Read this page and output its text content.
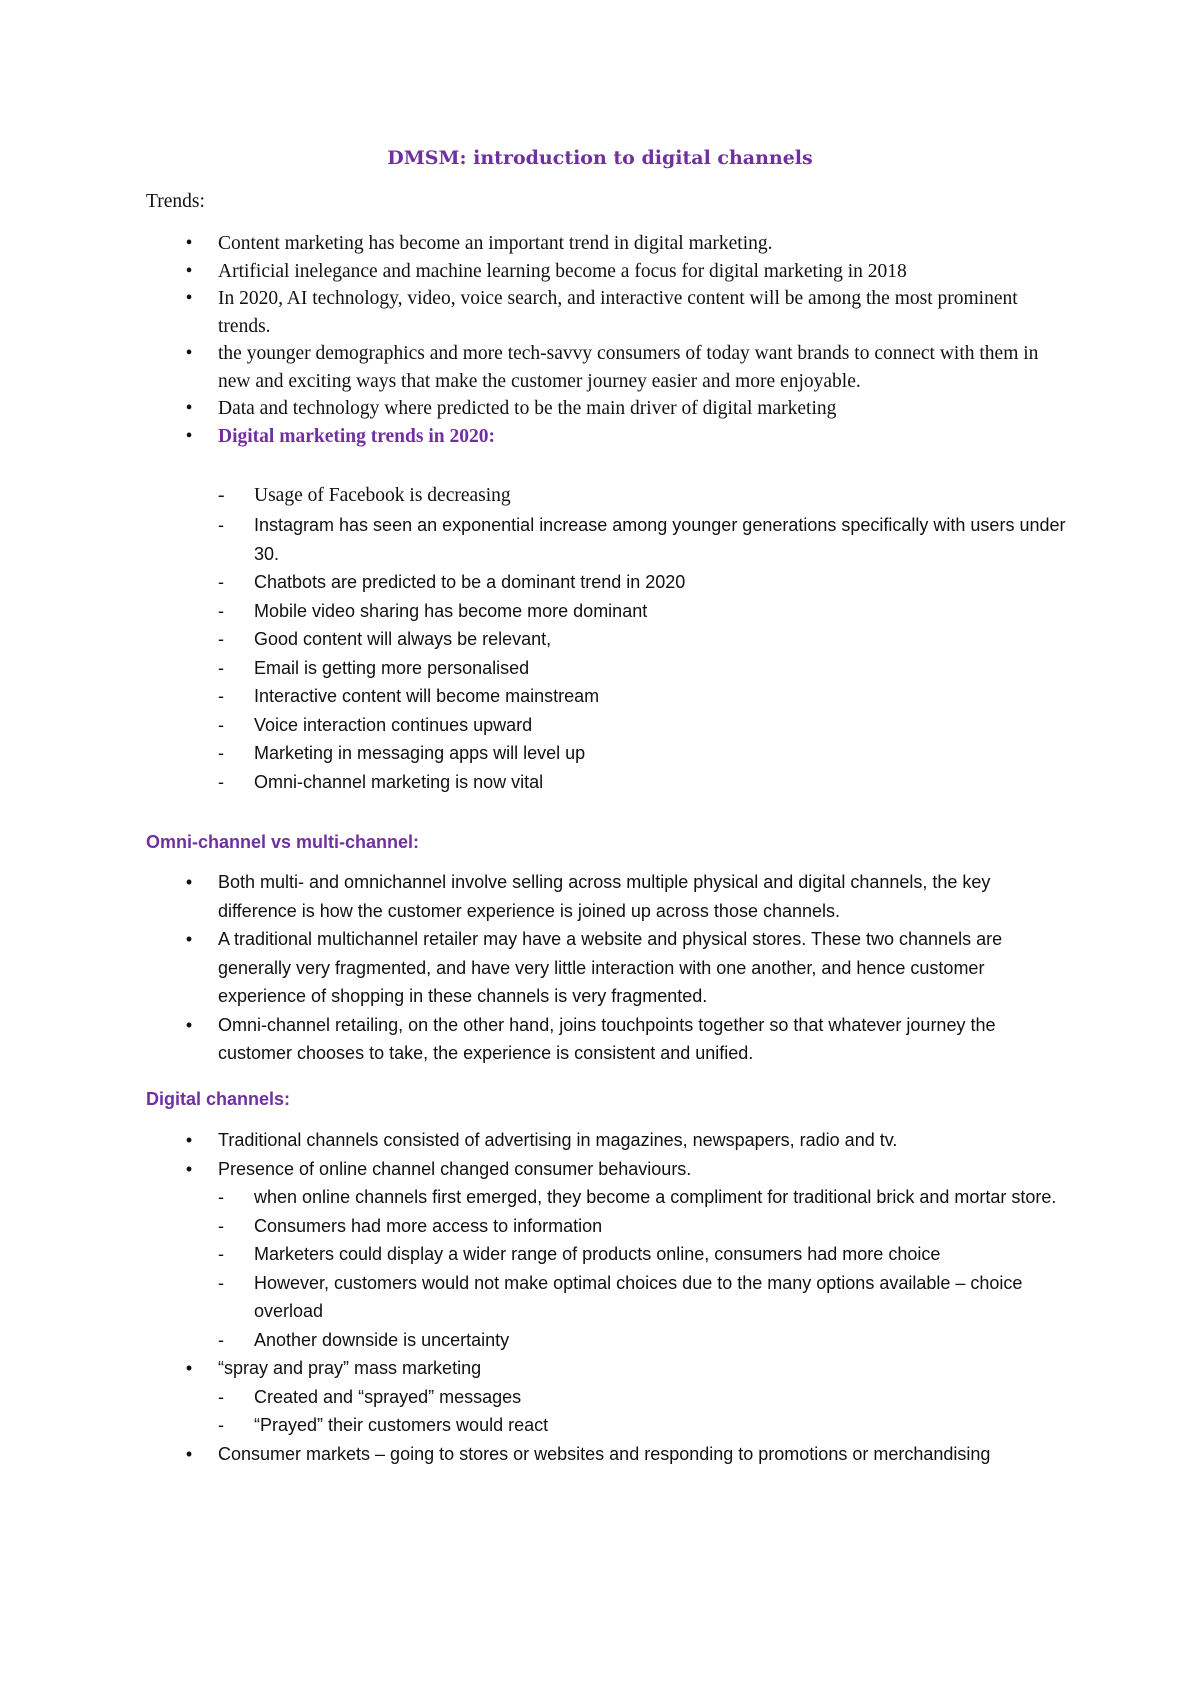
DMSM: introduction to digital channels
Trends:
• Content marketing has become an important trend in digital marketing.
• Artificial inelegance and machine learning become a focus for digital marketing in 2018
• In 2020, AI technology, video, voice search, and interactive content will be among the most prominent trends.
• the younger demographics and more tech-savvy consumers of today want brands to connect with them in new and exciting ways that make the customer journey easier and more enjoyable.
• Data and technology where predicted to be the main driver of digital marketing
• Digital marketing trends in 2020:
- Usage of Facebook is decreasing
- Instagram has seen an exponential increase among younger generations specifically with users under 30.
- Chatbots are predicted to be a dominant trend in 2020
- Mobile video sharing has become more dominant
- Good content will always be relevant,
- Email is getting more personalised
- Interactive content will become mainstream
- Voice interaction continues upward
- Marketing in messaging apps will level up
- Omni-channel marketing is now vital
Omni-channel vs multi-channel:
• Both multi- and omnichannel involve selling across multiple physical and digital channels, the key difference is how the customer experience is joined up across those channels.
• A traditional multichannel retailer may have a website and physical stores. These two channels are generally very fragmented, and have very little interaction with one another, and hence customer experience of shopping in these channels is very fragmented.
• Omni-channel retailing, on the other hand, joins touchpoints together so that whatever journey the customer chooses to take, the experience is consistent and unified.
Digital channels:
• Traditional channels consisted of advertising in magazines, newspapers, radio and tv.
• Presence of online channel changed consumer behaviours.
- when online channels first emerged, they become a compliment for traditional brick and mortar store.
- Consumers had more access to information
- Marketers could display a wider range of products online, consumers had more choice
- However, customers would not make optimal choices due to the many options available – choice overload
- Another downside is uncertainty
• “spray and pray” mass marketing
- Created and “sprayed” messages
- “Prayed” their customers would react
• Consumer markets – going to stores or websites and responding to promotions or merchandising
